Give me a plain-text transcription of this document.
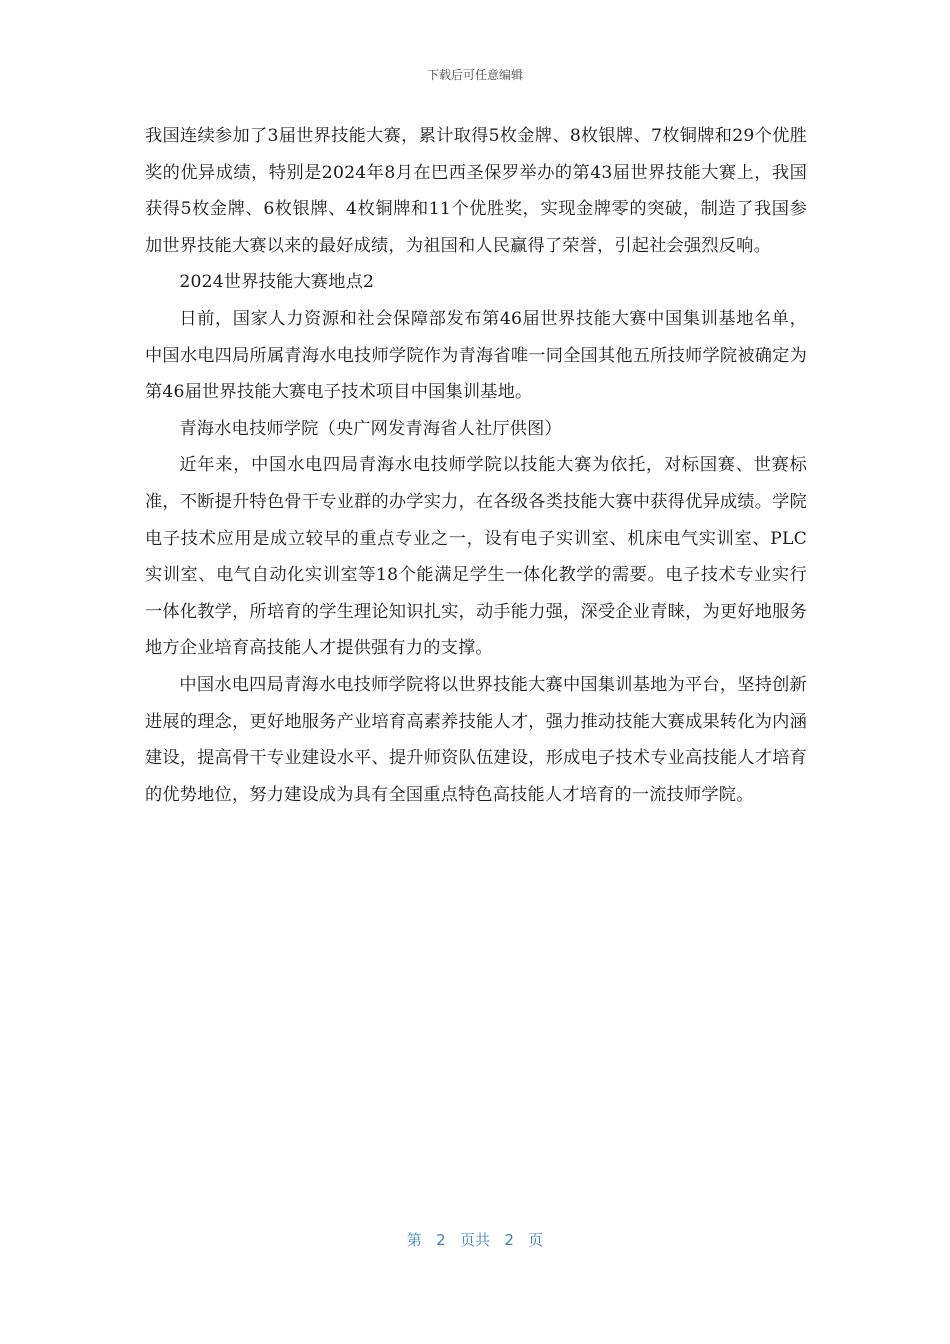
下载后可任意编辑

我国连续参加了3届世界技能大赛，累计取得5枚金牌、8枚银牌、7枚铜牌和29个优胜奖的优异成绩，特别是2024年8月在巴西圣保罗举办的第43届世界技能大赛上，我国获得5枚金牌、6枚银牌、4枚铜牌和11个优胜奖，实现金牌零的突破，制造了我国参加世界技能大赛以来的最好成绩，为祖国和人民赢得了荣誉，引起社会强烈反响。

2024世界技能大赛地点2

日前，国家人力资源和社会保障部发布第46届世界技能大赛中国集训基地名单，中国水电四局所属青海水电技师学院作为青海省唯一同全国其他五所技师学院被确定为第46届世界技能大赛电子技术项目中国集训基地。

青海水电技师学院（央广网发青海省人社厅供图）

近年来，中国水电四局青海水电技师学院以技能大赛为依托，对标国赛、世赛标准，不断提升特色骨干专业群的办学实力，在各级各类技能大赛中获得优异成绩。学院电子技术应用是成立较早的重点专业之一，设有电子实训室、机床电气实训室、PLC实训室、电气自动化实训室等18个能满足学生一体化教学的需要。电子技术专业实行一体化教学，所培育的学生理论知识扎实，动手能力强，深受企业青睐，为更好地服务地方企业培育高技能人才提供强有力的支撑。

中国水电四局青海水电技师学院将以世界技能大赛中国集训基地为平台，坚持创新进展的理念，更好地服务产业培育高素养技能人才，强力推动技能大赛成果转化为内涵建设，提高骨干专业建设水平、提升师资队伍建设，形成电子技术专业高技能人才培育的优势地位，努力建设成为具有全国重点特色高技能人才培育的一流技师学院。

第 2 页共 2 页
